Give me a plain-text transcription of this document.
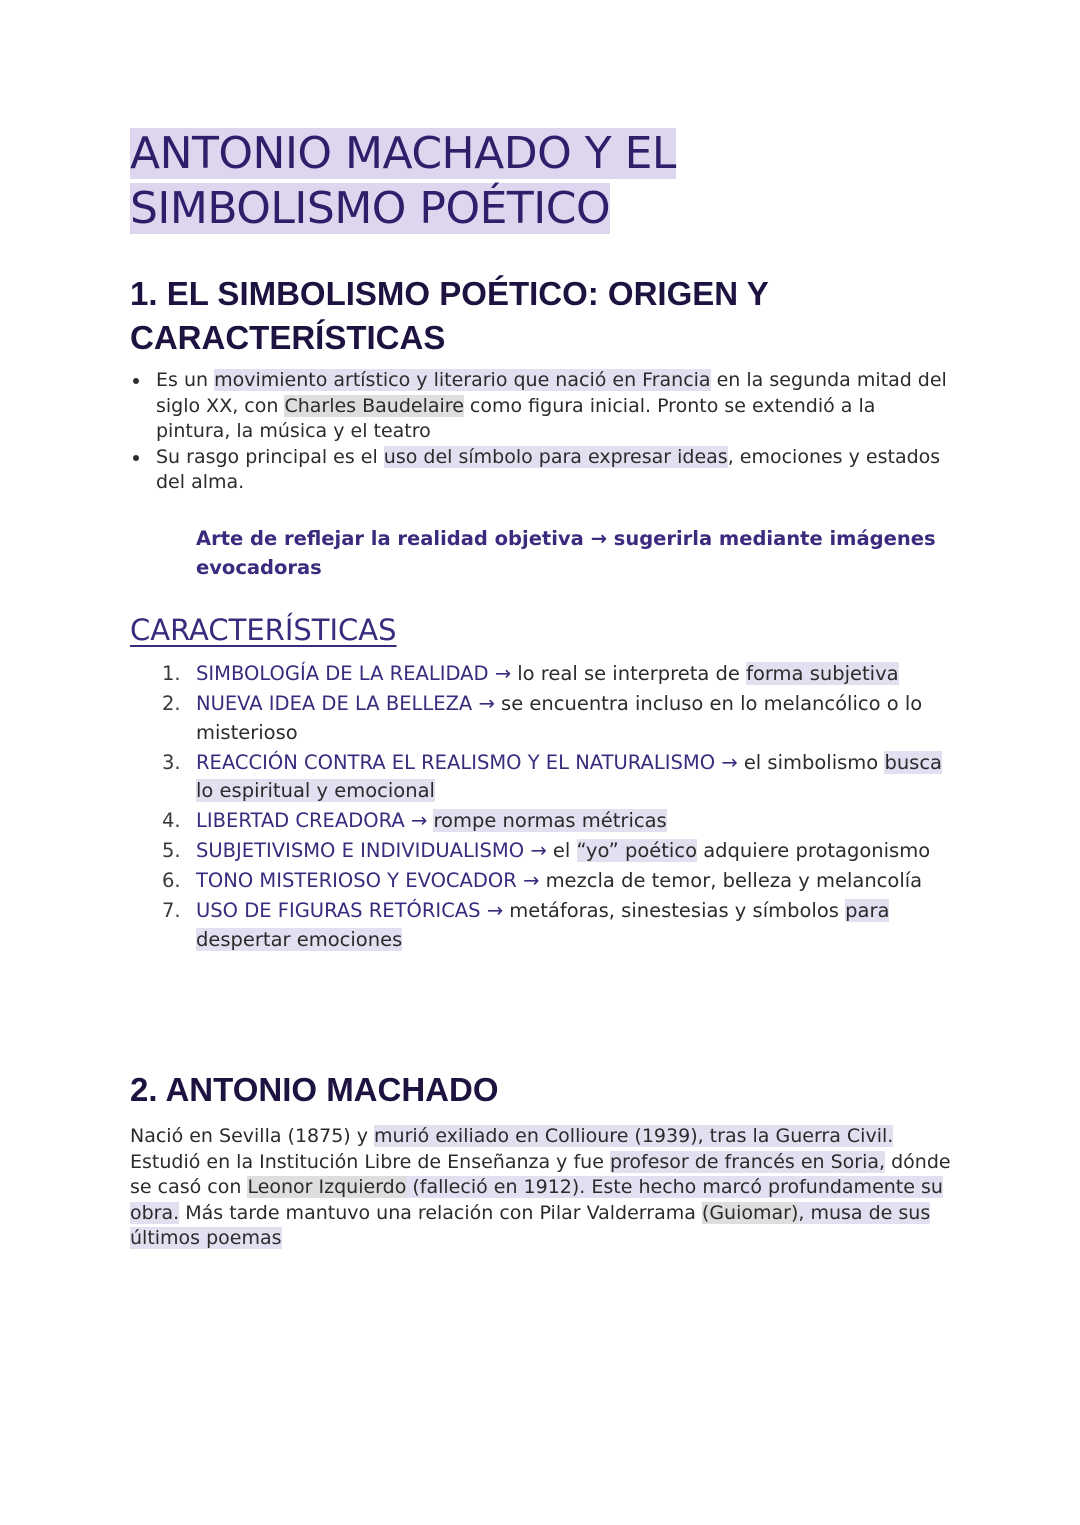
ANTONIO MACHADO Y EL
SIMBOLISMO POÉTICO
1. EL SIMBOLISMO POÉTICO: ORIGEN Y CARACTERÍSTICAS
Es un movimiento artístico y literario que nació en Francia en la segunda mitad del siglo XX, con Charles Baudelaire como figura inicial. Pronto se extendió a la pintura, la música y el teatro
Su rasgo principal es el uso del símbolo para expresar ideas, emociones y estados del alma.

Arte de reflejar la realidad objetiva → sugerirla mediante imágenes evocadoras

CARACTERÍSTICAS
1. SIMBOLOGÍA DE LA REALIDAD → lo real se interpreta de forma subjetiva
2. NUEVA IDEA DE LA BELLEZA → se encuentra incluso en lo melancólico o lo misterioso
3. REACCIÓN CONTRA EL REALISMO Y EL NATURALISMO → el simbolismo busca lo espiritual y emocional
4. LIBERTAD CREADORA → rompe normas métricas
5. SUBJETIVISMO E INDIVIDUALISMO → el “yo” poético adquiere protagonismo
6. TONO MISTERIOSO Y EVOCADOR → mezcla de temor, belleza y melancolía
7. USO DE FIGURAS RETÓRICAS → metáforas, sinestesias y símbolos para despertar emociones
2. ANTONIO MACHADO

Nació en Sevilla (1875) y murió exiliado en Collioure (1939), tras la Guerra Civil. Estudió en la Institución Libre de Enseñanza y fue profesor de francés en Soria, dónde se casó con Leonor Izquierdo (falleció en 1912). Este hecho marcó profundamente su obra. Más tarde mantuvo una relación con Pilar Valderrama (Guiomar), musa de sus últimos poemas
